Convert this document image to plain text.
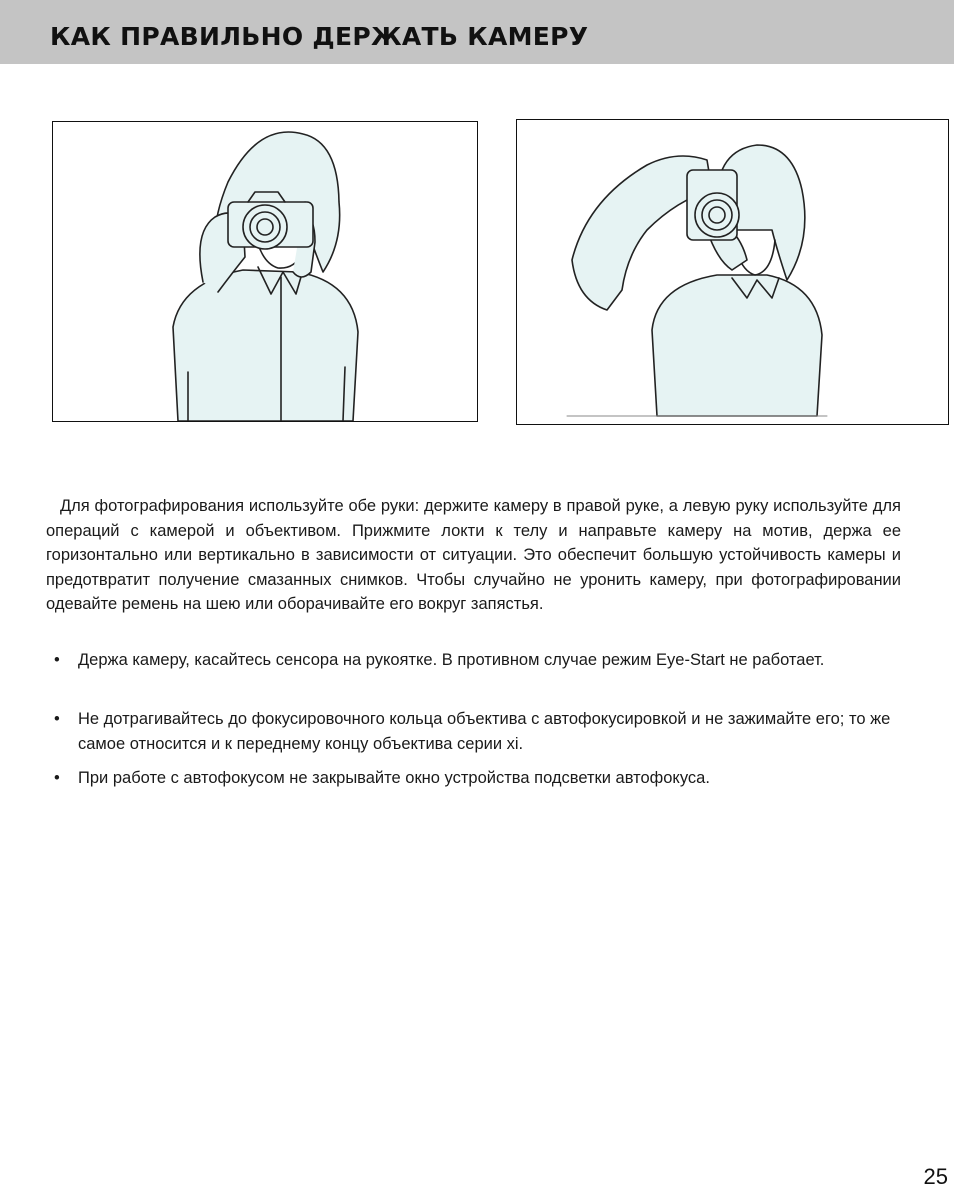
КАК ПРАВИЛЬНО ДЕРЖАТЬ КАМЕРУ

Для фотографирования используйте обе руки: держите камеру в правой руке, а левую руку используйте для операций с камерой и объективом. Прижмите локти к телу и направьте камеру на мотив, держа ее горизонтально или вертикально в зависимости от ситуации. Это обеспечит большую устойчивость камеры и предотвратит получение смазанных снимков. Чтобы случайно не уронить камеру, при фотографировании одевайте ремень на шею или оборачивайте его вокруг запястья.

• Держа камеру, касайтесь сенсора на рукоятке. В противном случае режим Eye-Start не работает.
• Не дотрагивайтесь до фокусировочного кольца объектива с автофокусировкой и не зажимайте его; то же самое относится и к переднему концу объектива серии xi.
• При работе с автофокусом не закрывайте окно устройства подсветки автофокуса.
25
